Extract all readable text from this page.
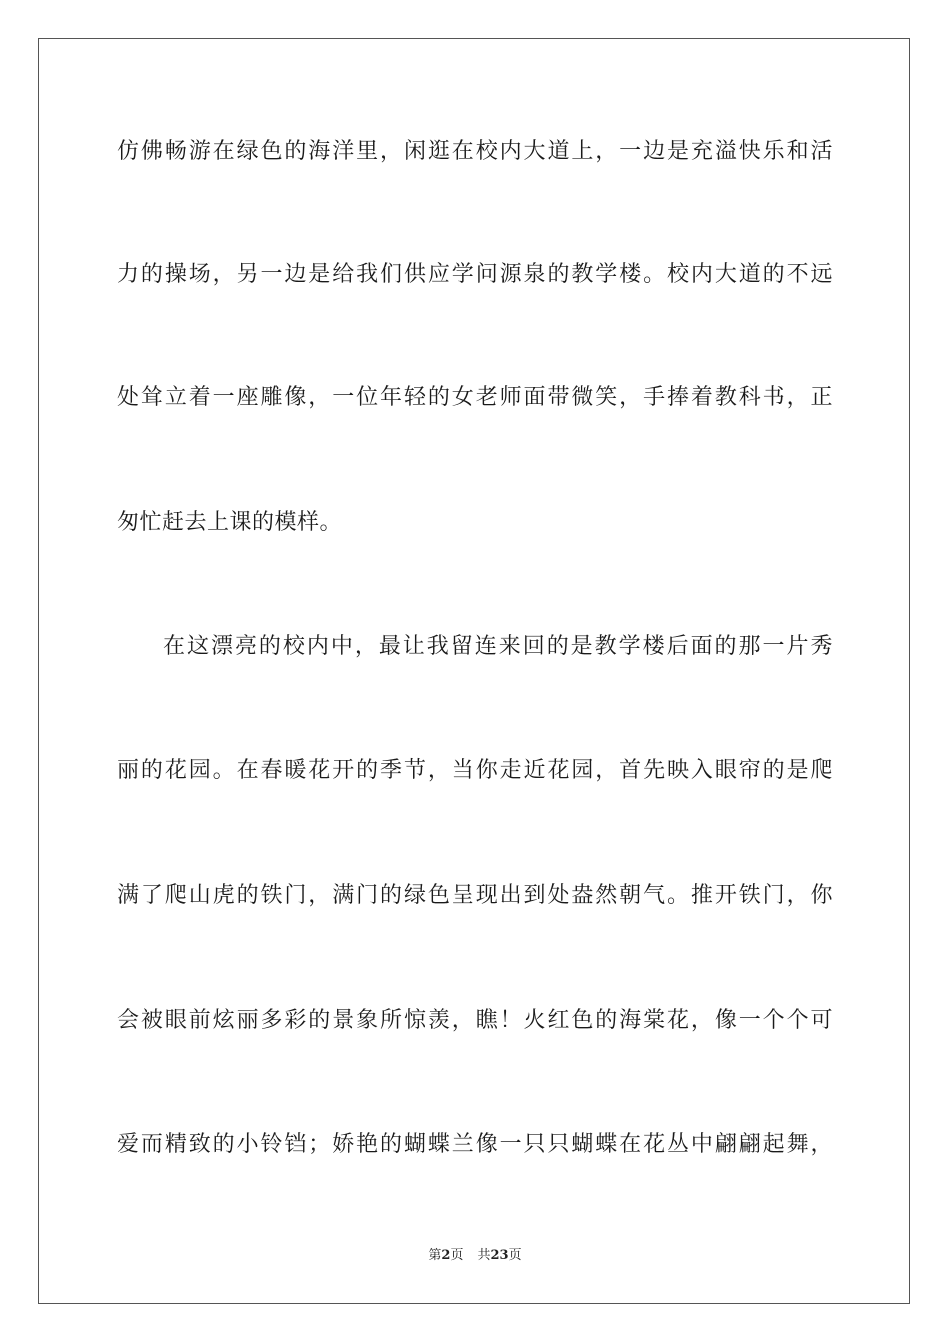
仿佛畅游在绿色的海洋里，闲逛在校内大道上，一边是充溢快乐和活
力的操场，另一边是给我们供应学问源泉的教学楼。校内大道的不远
处耸立着一座雕像，一位年轻的女老师面带微笑，手捧着教科书，正
匆忙赶去上课的模样。
在这漂亮的校内中，最让我留连来回的是教学楼后面的那一片秀
丽的花园。在春暖花开的季节，当你走近花园，首先映入眼帘的是爬
满了爬山虎的铁门，满门的绿色呈现出到处盎然朝气。推开铁门，你
会被眼前炫丽多彩的景象所惊羡，瞧！火红色的海棠花，像一个个可
爱而精致的小铃铛；娇艳的蝴蝶兰像一只只蝴蝶在花丛中翩翩起舞，
第2页 共23页
